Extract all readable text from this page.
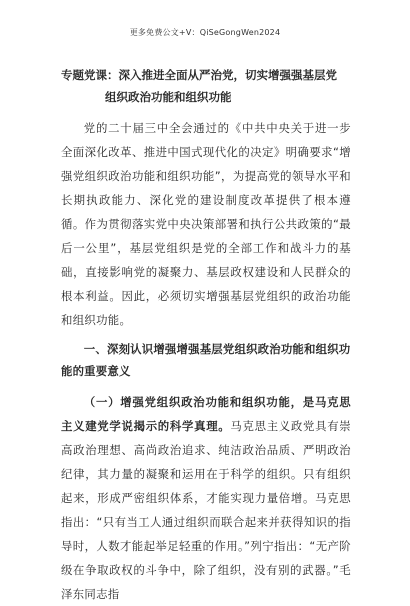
更多免费公文+V：QiSeGongWen2024
专题党课：深入推进全面从严治党，切实增强强基层党
组织政治功能和组织功能

党的二十届三中全会通过的《中共中央关于进一步全面深化改革、推进中国式现代化的决定》明确要求“增强党组织政治功能和组织功能”，为提高党的领导水平和长期执政能力、深化党的建设制度改革提供了根本遵循。作为贯彻落实党中央决策部署和执行公共政策的“最后一公里”，基层党组织是党的全部工作和战斗力的基础，直接影响党的凝聚力、基层政权建设和人民群众的根本利益。因此，必须切实增强基层党组织的政治功能和组织功能。

一、深刻认识增强增强基层党组织政治功能和组织功能的重要意义

（一）增强党组织政治功能和组织功能，是马克思主义建党学说揭示的科学真理。马克思主义政党具有崇高政治理想、高尚政治追求、纯洁政治品质、严明政治纪律，其力量的凝聚和运用在于科学的组织。只有组织起来，形成严密组织体系，才能实现力量倍增。马克思指出：“只有当工人通过组织而联合起来并获得知识的指导时，人数才能起举足轻重的作用。”列宁指出：“无产阶级在争取政权的斗争中，除了组织，没有别的武器。”毛泽东同志指
